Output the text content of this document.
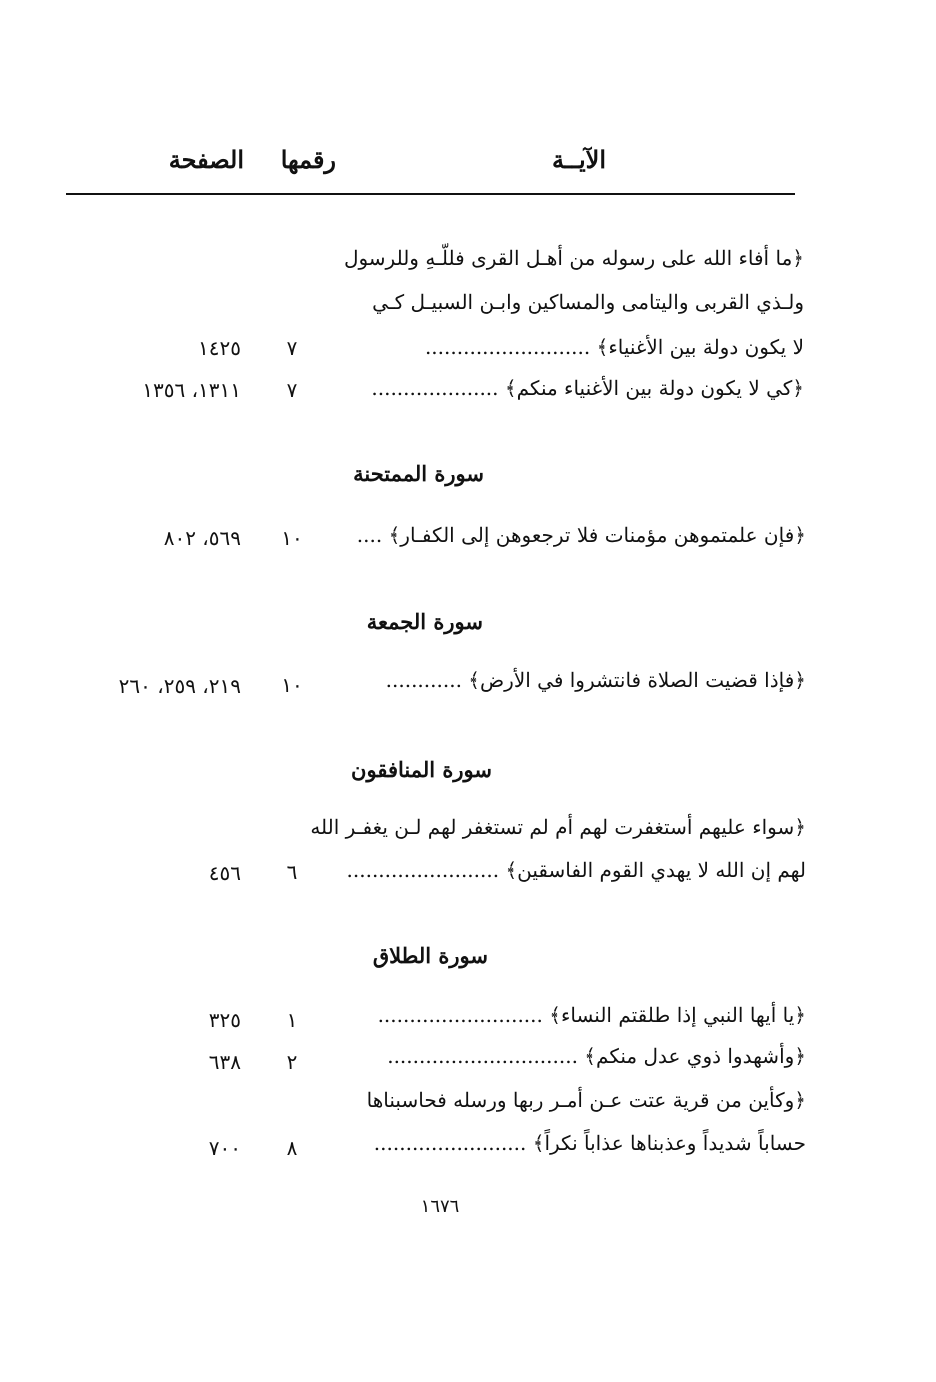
الآيــة
رقمها
الصفحة
﴿ما أفاء الله على رسوله من أهـل القرى فللّـهِ وللرسول
ولـذي القربى واليتامى والمساكين وابـن السبيـل كـي
لا يكون دولة بين الأغنياء﴾ ..........................
٧
١٤٢٥
﴿كي لا يكون دولة بين الأغنياء منكم﴾ ....................
٧
١٣١١، ١٣٥٦
سورة الممتحنة
﴿فإن علمتموهن مؤمنات فلا ترجعوهن إلى الكفـار﴾ ....
١٠
٥٦٩، ٨٠٢
سورة الجمعة
﴿فإذا قضيت الصلاة فانتشروا في الأرض﴾ ............
١٠
٢١٩، ٢٥٩، ٢٦٠
سورة المنافقون
﴿سواء عليهم أستغفرت لهم أم لم تستغفر لهم لـن يغفـر الله
لهم إن الله لا يهدي القوم الفاسقين﴾ ........................
٦
٤٥٦
سورة الطلاق
﴿يا أيها النبي إذا طلقتم النساء﴾ ..........................
١
٣٢٥
﴿وأشهدوا ذوي عدل منكم﴾ ..............................
٢
٦٣٨
﴿وكأين من قرية عتت عـن أمـر ربها ورسله فحاسبناها
حساباً شديداً وعذبناها عذاباً نكراً﴾ ........................
٨
٧٠٠
١٦٧٦
